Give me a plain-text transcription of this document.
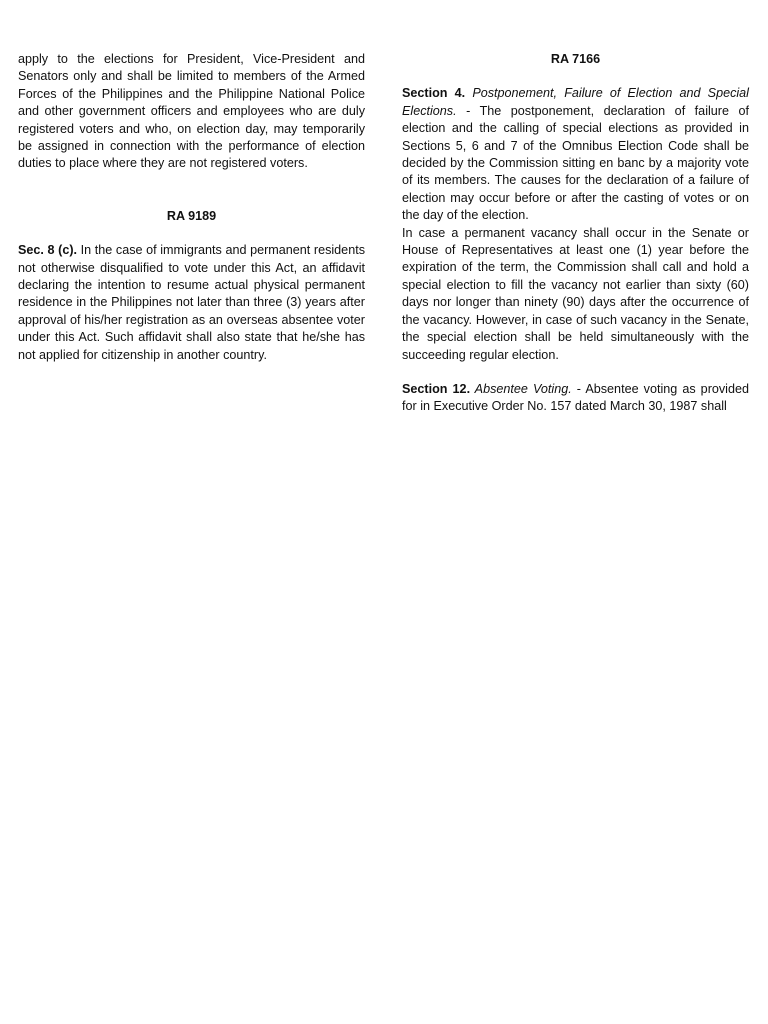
apply to the elections for President, Vice-President and Senators only and shall be limited to members of the Armed Forces of the Philippines and the Philippine National Police and other government officers and employees who are duly registered voters and who, on election day, may temporarily be assigned in connection with the performance of election duties to place where they are not registered voters.

RA 9189

Sec. 8 (c). In the case of immigrants and permanent residents not otherwise disqualified to vote under this Act, an affidavit declaring the intention to resume actual physical permanent residence in the Philippines not later than three (3) years after approval of his/her registration as an overseas absentee voter under this Act. Such affidavit shall also state that he/she has not applied for citizenship in another country.

RA 7166

Section 4. Postponement, Failure of Election and Special Elections. - The postponement, declaration of failure of election and the calling of special elections as provided in Sections 5, 6 and 7 of the Omnibus Election Code shall be decided by the Commission sitting en banc by a majority vote of its members. The causes for the declaration of a failure of election may occur before or after the casting of votes or on the day of the election.

In case a permanent vacancy shall occur in the Senate or House of Representatives at least one (1) year before the expiration of the term, the Commission shall call and hold a special election to fill the vacancy not earlier than sixty (60) days nor longer than ninety (90) days after the occurrence of the vacancy. However, in case of such vacancy in the Senate, the special election shall be held simultaneously with the succeeding regular election.

Section 12. Absentee Voting. - Absentee voting as provided for in Executive Order No. 157 dated March 30, 1987 shall
